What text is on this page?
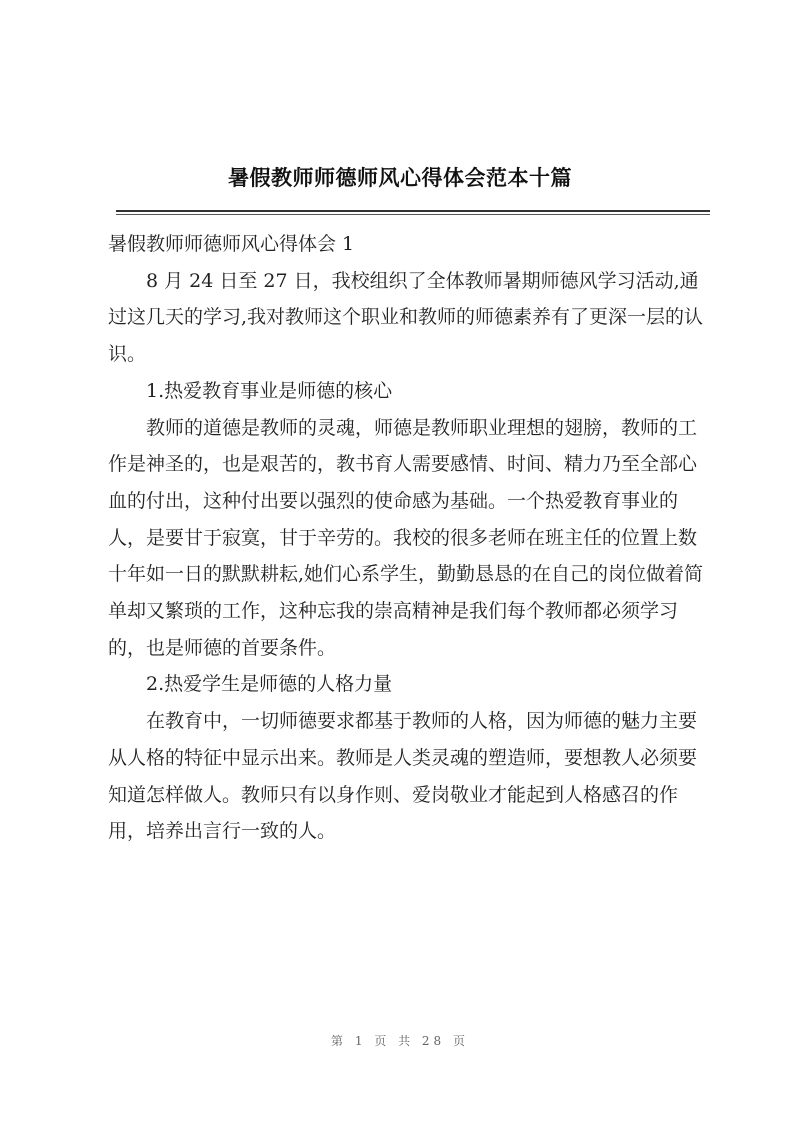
暑假教师师德师风心得体会范本十篇

暑假教师师德师风心得体会 1

8 月 24 日至 27 日，我校组织了全体教师暑期师德风学习活动,通过这几天的学习,我对教师这个职业和教师的师德素养有了更深一层的认识。

1.热爱教育事业是师德的核心

教师的道德是教师的灵魂，师德是教师职业理想的翅膀，教师的工作是神圣的，也是艰苦的，教书育人需要感情、时间、精力乃至全部心血的付出，这种付出要以强烈的使命感为基础。一个热爱教育事业的人，是要甘于寂寞，甘于辛劳的。我校的很多老师在班主任的位置上数十年如一日的默默耕耘,她们心系学生，勤勤恳恳的在自己的岗位做着简单却又繁琐的工作，这种忘我的崇高精神是我们每个教师都必须学习的，也是师德的首要条件。

2.热爱学生是师德的人格力量

在教育中，一切师德要求都基于教师的人格，因为师德的魅力主要从人格的特征中显示出来。教师是人类灵魂的塑造师，要想教人必须要知道怎样做人。教师只有以身作则、爱岗敬业才能起到人格感召的作用，培养出言行一致的人。

第 1 页 共 28 页
